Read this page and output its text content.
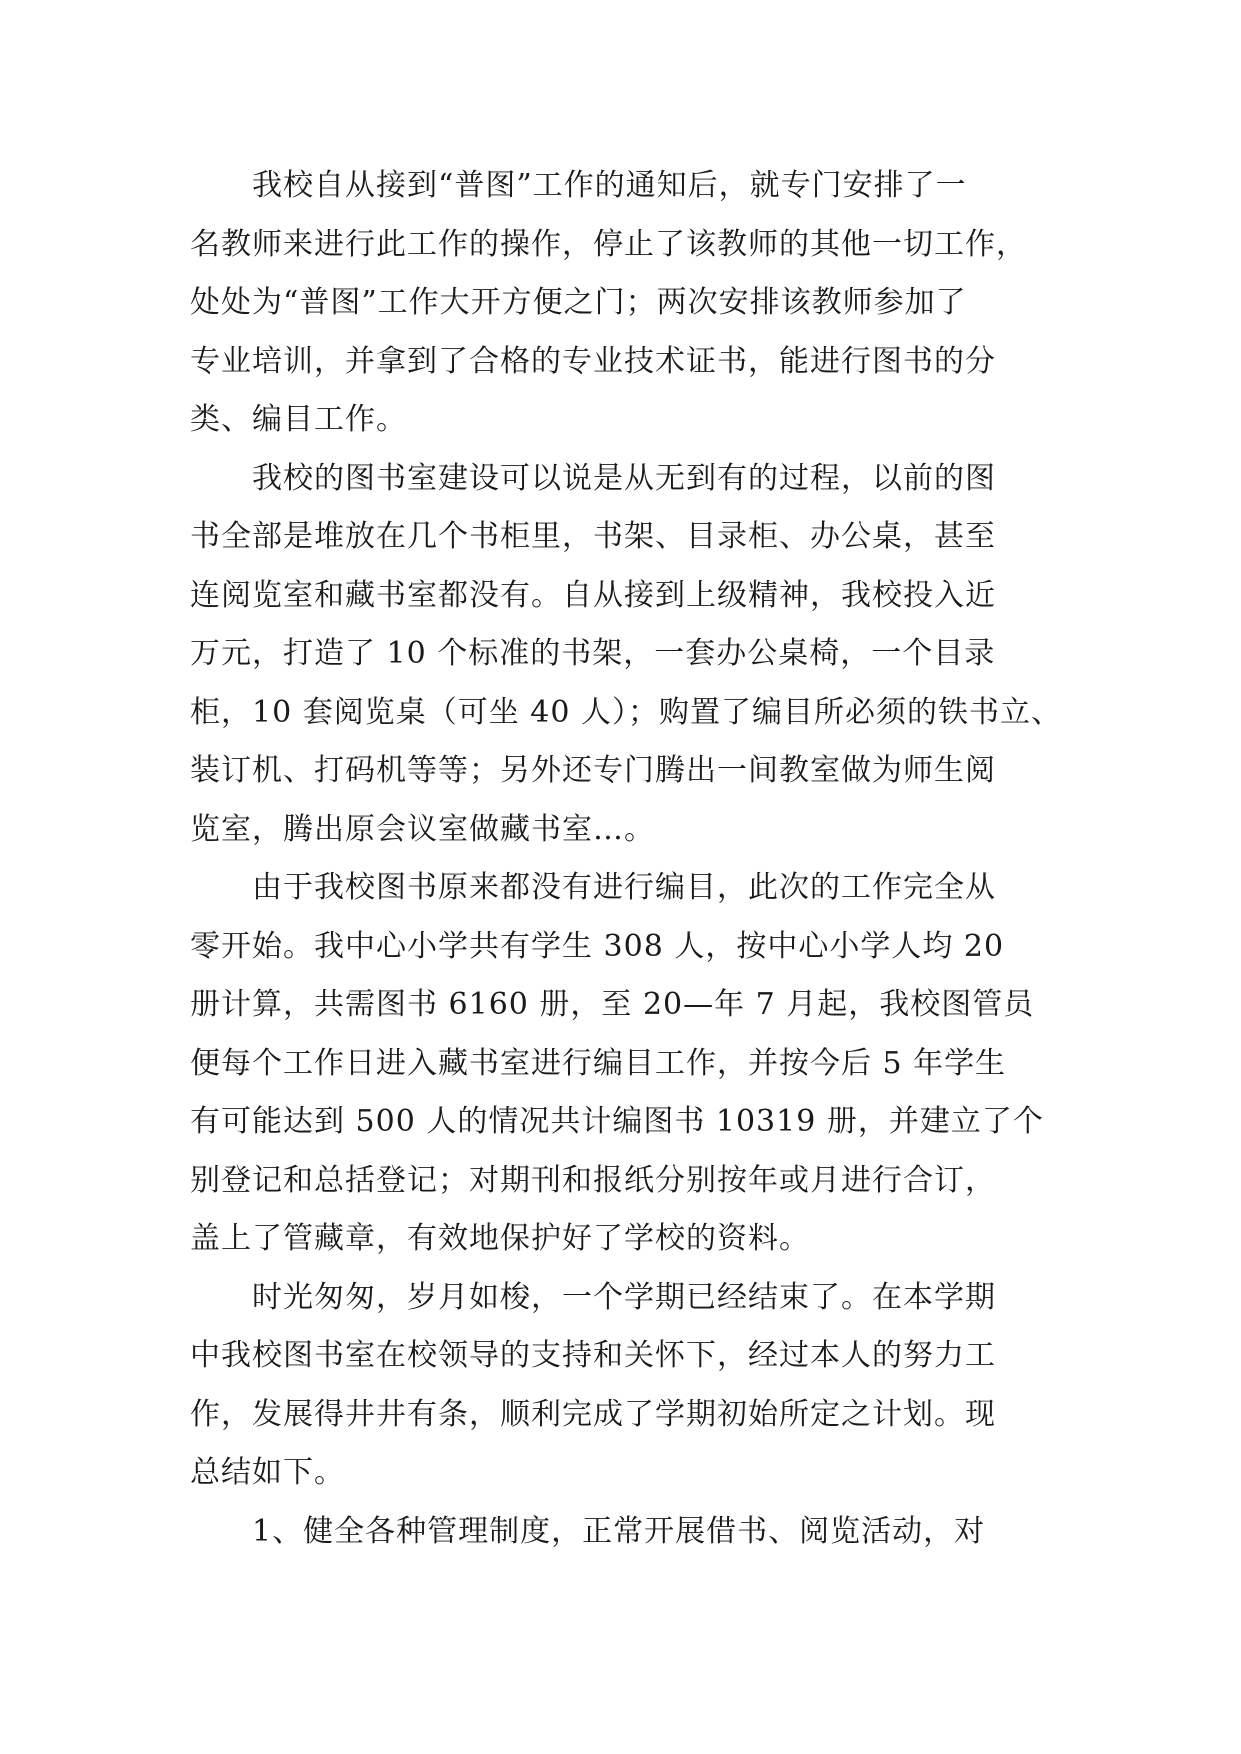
　　我校自从接到“普图”工作的通知后，就专门安排了一
名教师来进行此工作的操作，停止了该教师的其他一切工作，
处处为“普图”工作大开方便之门；两次安排该教师参加了
专业培训，并拿到了合格的专业技术证书，能进行图书的分
类、编目工作。
　　我校的图书室建设可以说是从无到有的过程，以前的图
书全部是堆放在几个书柜里，书架、目录柜、办公桌，甚至
连阅览室和藏书室都没有。自从接到上级精神，我校投入近
万元，打造了 10 个标准的书架，一套办公桌椅，一个目录
柜，10 套阅览桌（可坐 40 人）；购置了编目所必须的铁书立、
装订机、打码机等等；另外还专门腾出一间教室做为师生阅
览室，腾出原会议室做藏书室…。
　　由于我校图书原来都没有进行编目，此次的工作完全从
零开始。我中心小学共有学生 308 人，按中心小学人均 20
册计算，共需图书 6160 册，至 20—年 7 月起，我校图管员
便每个工作日进入藏书室进行编目工作，并按今后 5 年学生
有可能达到 500 人的情况共计编图书 10319 册，并建立了个
别登记和总括登记；对期刊和报纸分别按年或月进行合订，
盖上了管藏章，有效地保护好了学校的资料。
　　时光匆匆，岁月如梭，一个学期已经结束了。在本学期
中我校图书室在校领导的支持和关怀下，经过本人的努力工
作，发展得井井有条，顺利完成了学期初始所定之计划。现
总结如下。
　　1、健全各种管理制度，正常开展借书、阅览活动，对
